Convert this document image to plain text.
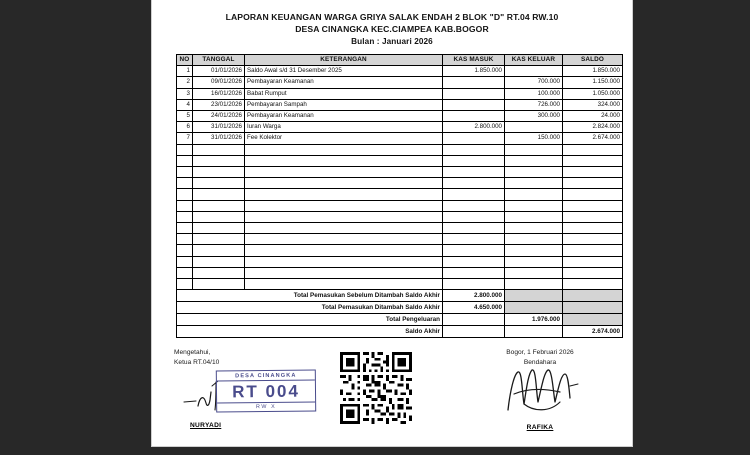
LAPORAN KEUANGAN WARGA GRIYA SALAK ENDAH 2 BLOK "D" RT.04 RW.10
DESA CINANGKA KEC.CIAMPEA KAB.BOGOR
Bulan : Januari 2026
NO	TANGGAL	KETERANGAN	KAS MASUK	KAS KELUAR	SALDO
1	01/01/2026	Saldo Awal s/d 31 Desember 2025	1.850.000		1.850.000
2	09/01/2026	Pembayaran Keamanan		700.000	1.150.000
3	16/01/2026	Babat Rumput		100.000	1.050.000
4	23/01/2026	Pembayaran Sampah		726.000	324.000
5	24/01/2026	Pembayaran Keamanan		300.000	24.000
6	31/01/2026	Iuran Warga	2.800.000		2.824.000
7	31/01/2026	Fee Kolektor		150.000	2.674.000

Total Pemasukan Sebelum Ditambah Saldo Akhir			2.800.000		
Total Pemasukan Ditambah Saldo Akhir			4.650.000		
Total Pengeluaran				1.976.000	
Saldo Akhir					2.674.000
Mengetahui,
Ketua RT.04/10
DESA CINANGKA
RT 004
RW X
NURYADI
Bogor, 1 Februari 2026
Bendahara
RAFIKA
